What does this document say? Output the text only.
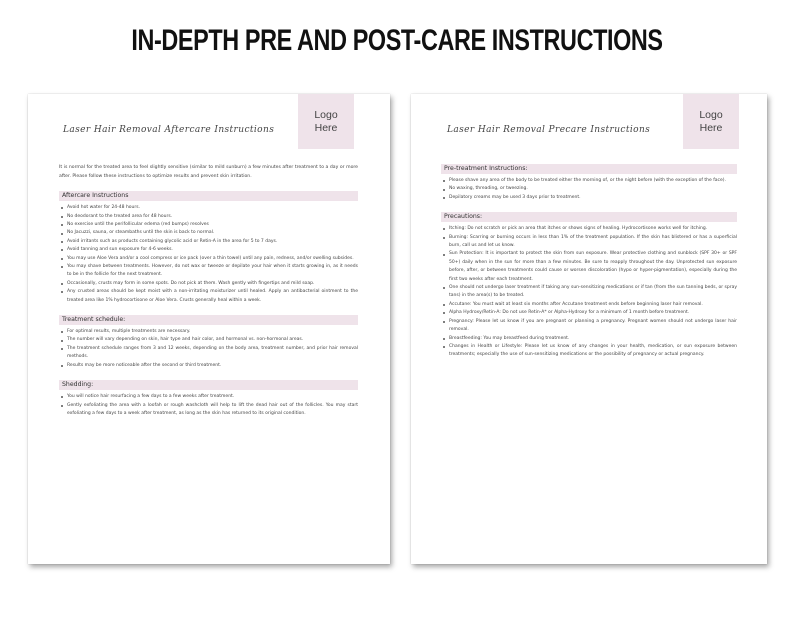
IN-DEPTH PRE AND POST-CARE INSTRUCTIONS
Logo
Here
Laser Hair Removal Aftercare Instructions

It is normal for the treated area to feel slightly sensitive (similar to mild sunburn) a few minutes after treatment to a day or more after. Please follow these instructions to optimize results and prevent skin irritation.

Aftercare Instructions
Avoid hot water for 24-48 hours.
No deodorant to the treated area for 48 hours.
No exercise until the perifollicular edema (red bumps) resolves
No Jacuzzi, sauna, or steambaths until the skin is back to normal.
Avoid irritants such as products containing glycolic acid or Retin-A in the area for 5 to 7 days.
Avoid tanning and sun exposure for 4-6 weeks.
You may use Aloe Vera and/or a cool compress or ice pack (over a thin towel) until any pain, redness, and/or swelling subsides.
You may shave between treatments. However, do not wax or tweeze or depilate your hair when it starts growing in, as it needs to be in the follicle for the next treatment.
Occasionally, crusts may form in some spots. Do not pick at them. Wash gently with fingertips and mild soap.
Any crusted areas should be kept moist with a non-irritating moisturizer until healed. Apply an antibacterial ointment to the treated area like 1% hydrocortisone or Aloe Vera. Crusts generally heal within a week.
Treatment schedule:
For optimal results, multiple treatments are necessary.
The number will vary depending on skin, hair type and hair color, and hormonal vs. non-hormonal areas.
The treatment schedule ranges from 3 and 12 weeks, depending on the body area, treatment number, and prior hair removal methods.
Results may be more noticeable after the second or third treatment.
Shedding:
You will notice hair resurfacing a few days to a few weeks after treatment.
Gently exfoliating the area with a loofah or rough washcloth will help to lift the dead hair out of the follicles. You may start exfoliating a few days to a week after treatment, as long as the skin has returned to its original condition.
Logo
Here
Laser Hair Removal Precare Instructions
Pre-treatment Instructions:
Please shave any area of the body to be treated either the morning of, or the night before (with the exception of the face).
No waxing, threading, or tweezing.
Depilatory creams may be used 3 days prior to treatment.
Precautions:
Itching: Do not scratch or pick an area that itches or shows signs of healing. Hydrocortisone works well for itching.
Burning: Scarring or burning occurs in less than 1% of the treatment population. If the skin has blistered or has a superficial burn, call us and let us know.
Sun Protection: It is important to protect the skin from sun exposure. Wear protective clothing and sunblock (SPF 30+ or SPF 50+) daily when in the sun for more than a few minutes. Be sure to reapply throughout the day. Unprotected sun exposure before, after, or between treatments could cause or worsen discoloration (hypo or hyper-pigmentation), especially during the first two weeks after each treatment.
One should not undergo laser treatment if taking any sun-sensitizing medications or if tan (from the sun tanning beds, or spray tans) in the area(s) to be treated.
Accutane: You must wait at least six months after Accutane treatment ends before beginning laser hair removal.
Alpha Hydroxy/Retin-A: Do not use Retin-A* or Alpha-Hydroxy for a minimum of 1 month before treatment.
Pregnancy: Please let us know if you are pregnant or planning a pregnancy. Pregnant women should not undergo laser hair removal.
Breastfeeding: You may breastfeed during treatment.
Changes in Health or Lifestyle: Please let us know of any changes in your health, medication, or sun exposure between treatments; especially the use of sun-sensitizing medications or the possibility of pregnancy or actual pregnancy.
